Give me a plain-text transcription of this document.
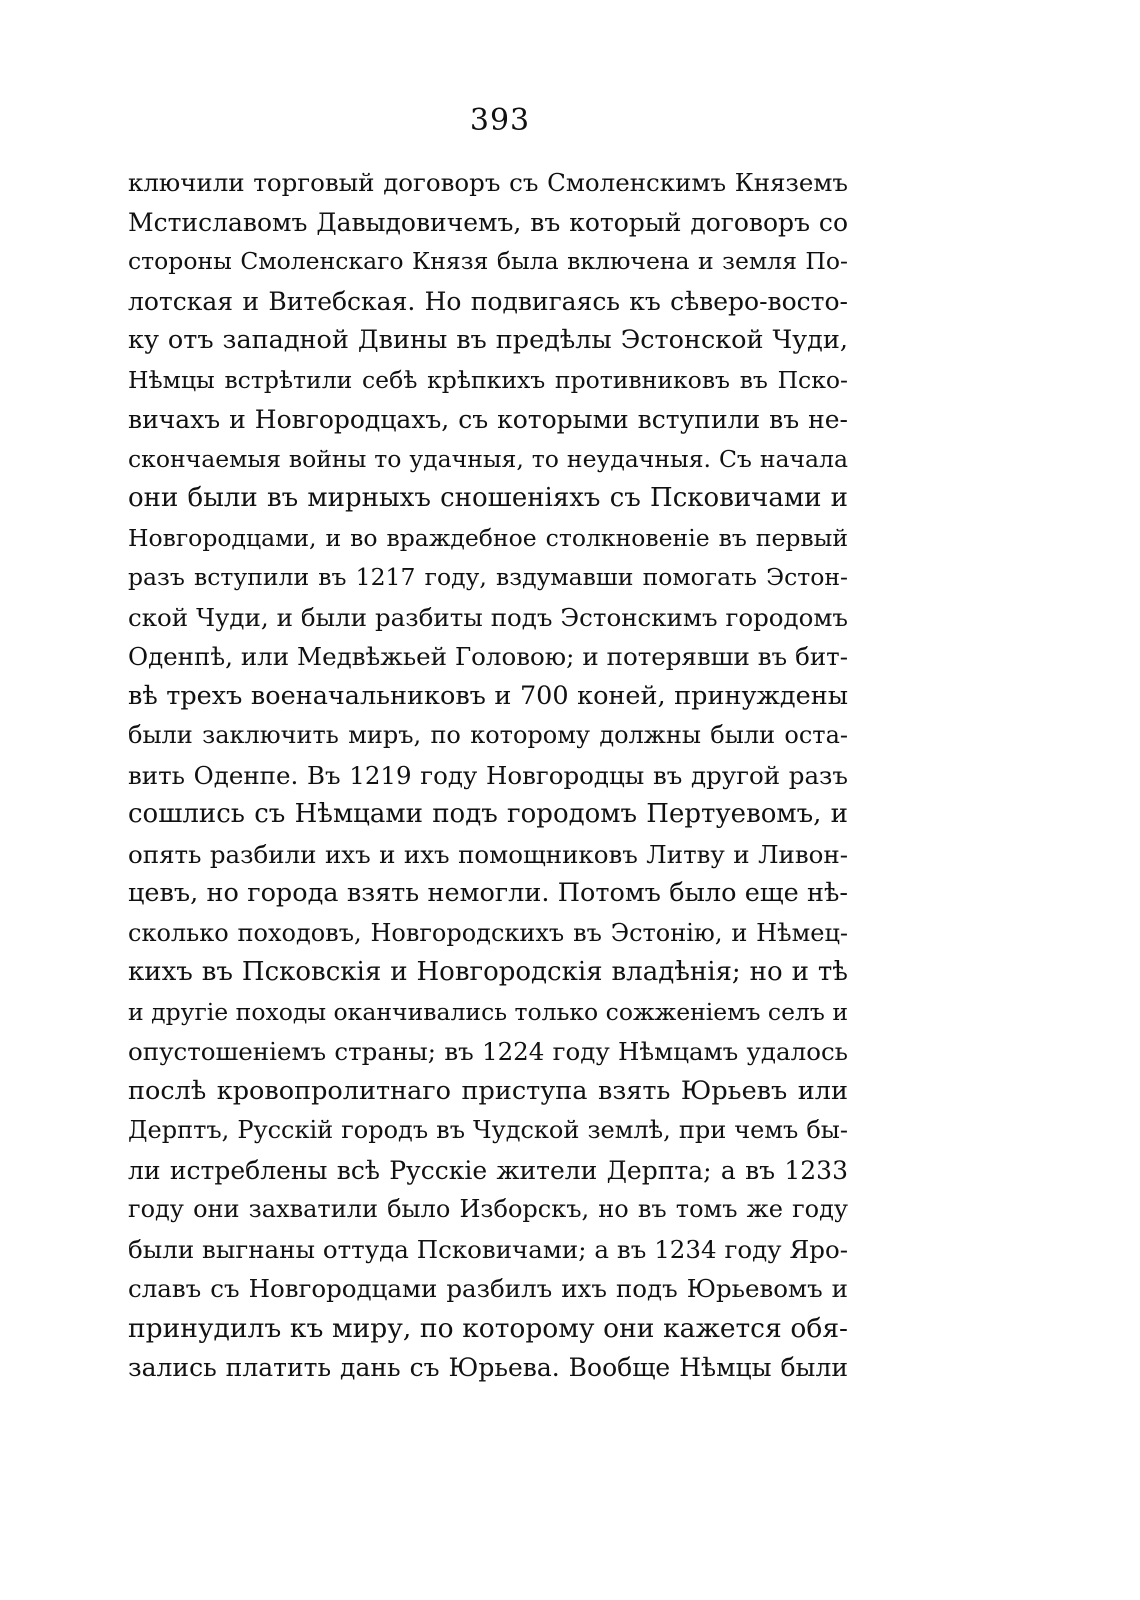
393
ключили торговый договоръ съ Смоленскимъ Княземъ
Мстиславомъ Давыдовичемъ, въ который договоръ со
стороны Смоленскаго Князя была включена и земля По-
лотская и Витебская. Но подвигаясь къ сѣверо-восто-
ку отъ западной Двины въ предѣлы Эстонской Чуди,
Нѣмцы встрѣтили себѣ крѣпкихъ противниковъ въ Пско-
вичахъ и Новгородцахъ, съ которыми вступили въ не-
скончаемыя войны то удачныя, то неудачныя. Съ начала
они были въ мирныхъ сношеніяхъ съ Псковичами и
Новгородцами, и во враждебное столкновеніе въ первый
разъ вступили въ 1217 году, вздумавши помогать Эстон-
ской Чуди, и были разбиты подъ Эстонскимъ городомъ
Оденпѣ, или Медвѣжьей Головою; и потерявши въ бит-
вѣ трехъ военачальниковъ и 700 коней, принуждены
были заключить миръ, по которому должны были оста-
вить Оденпе. Въ 1219 году Новгородцы въ другой разъ
сошлись съ Нѣмцами подъ городомъ Пертуевомъ, и
опять разбили ихъ и ихъ помощниковъ Литву и Ливон-
цевъ, но города взять немогли. Потомъ было еще нѣ-
сколько походовъ, Новгородскихъ въ Эстонію, и Нѣмец-
кихъ въ Псковскія и Новгородскія владѣнія; но и тѣ
и другіе походы оканчивались только сожженіемъ селъ и
опустошеніемъ страны; въ 1224 году Нѣмцамъ удалось
послѣ кровопролитнаго приступа взять Юрьевъ или
Дерптъ, Русскій городъ въ Чудской землѣ, при чемъ бы-
ли истреблены всѣ Русскіе жители Дерпта; а въ 1233
году они захватили было Изборскъ, но въ томъ же году
были выгнаны оттуда Псковичами; а въ 1234 году Яро-
славъ съ Новгородцами разбилъ ихъ подъ Юрьевомъ и
принудилъ къ миру, по которому они кажется обя-
зались платить дань съ Юрьева. Вообще Нѣмцы были
